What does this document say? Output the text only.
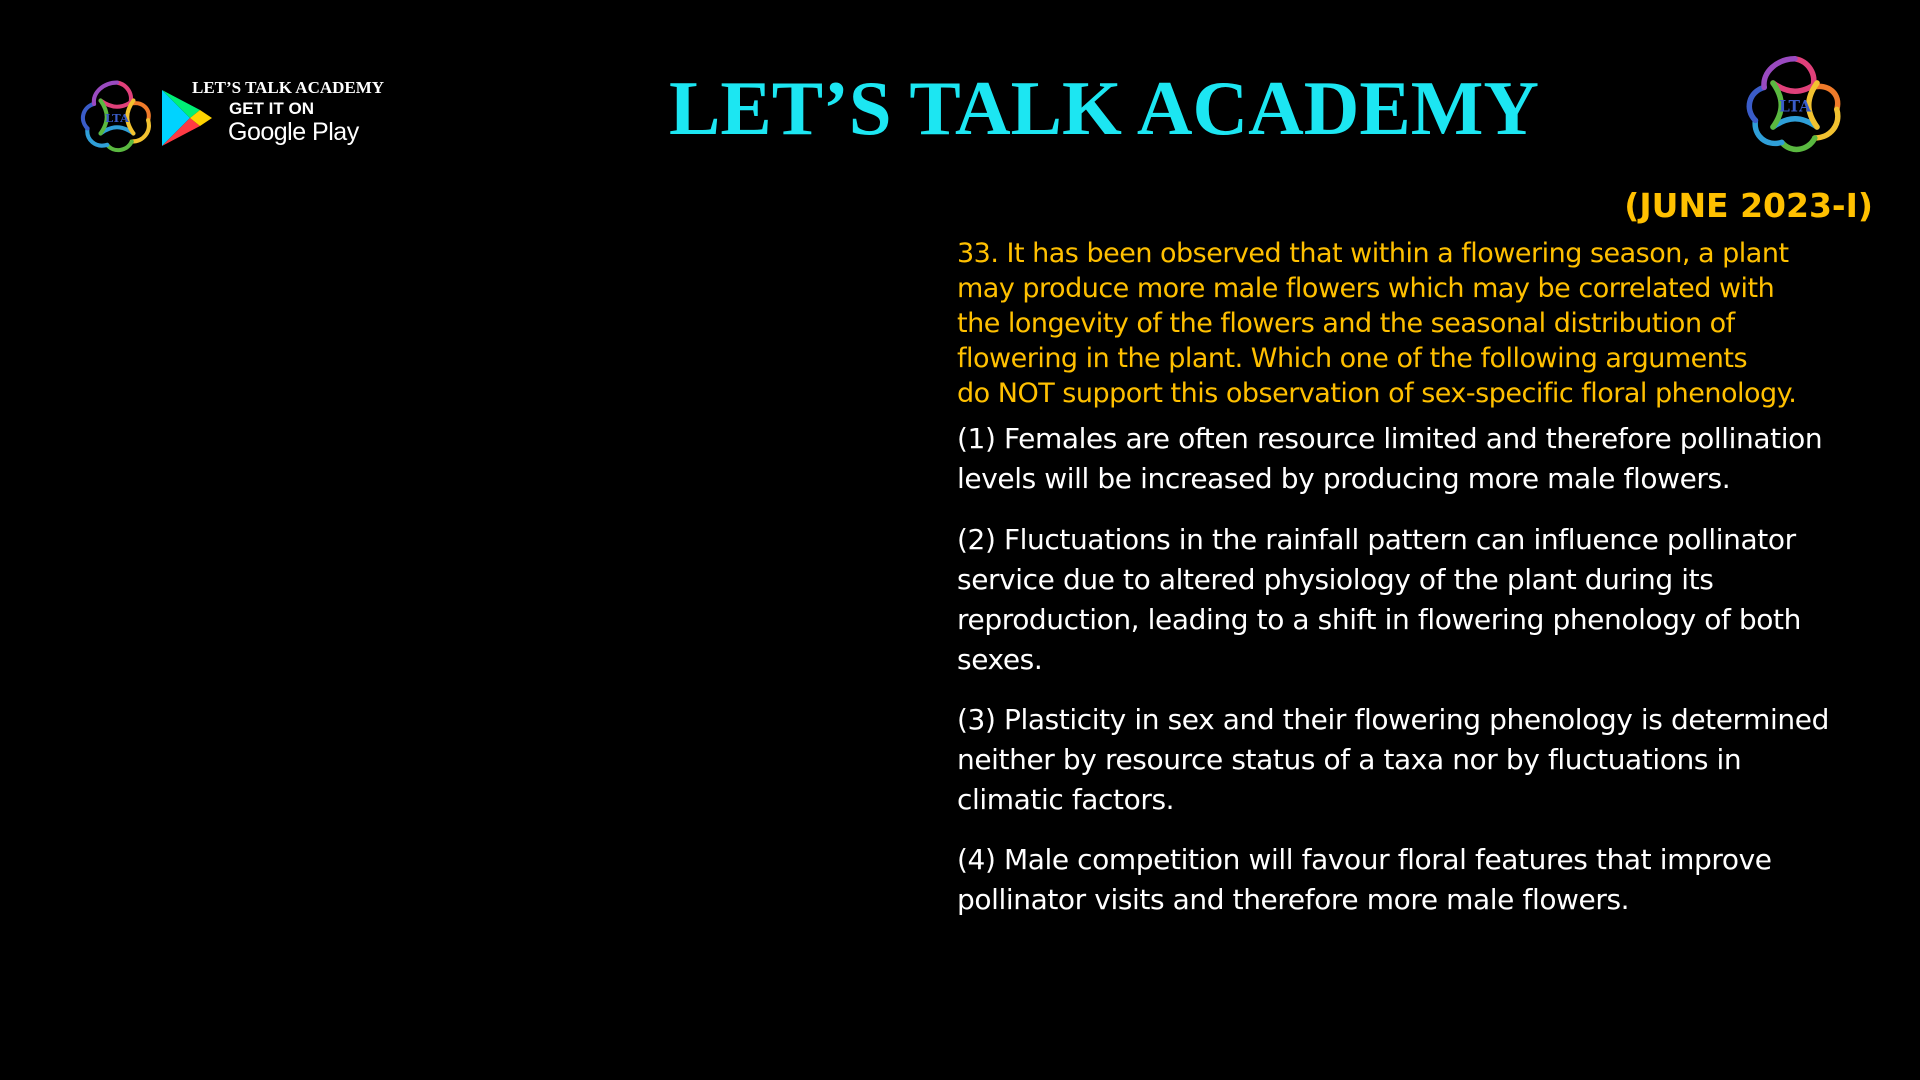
LTA
LET’S TALK ACADEMY
GET IT ON
Google Play	LET’S TALK ACADEMY	LTA
(JUNE 2023-I)
33. It has been observed that within a flowering season, a plant
may produce more male flowers which may be correlated with
the longevity of the flowers and the seasonal distribution of
flowering in the plant. Which one of the following arguments
do NOT support this observation of sex-specific floral phenology.
(1) Females are often resource limited and therefore pollination
levels will be increased by producing more male flowers.
(2) Fluctuations in the rainfall pattern can influence pollinator
service due to altered physiology of the plant during its
reproduction, leading to a shift in flowering phenology of both
sexes.
(3) Plasticity in sex and their flowering phenology is determined
neither by resource status of a taxa nor by fluctuations in
climatic factors.
(4) Male competition will favour floral features that improve
pollinator visits and therefore more male flowers.
